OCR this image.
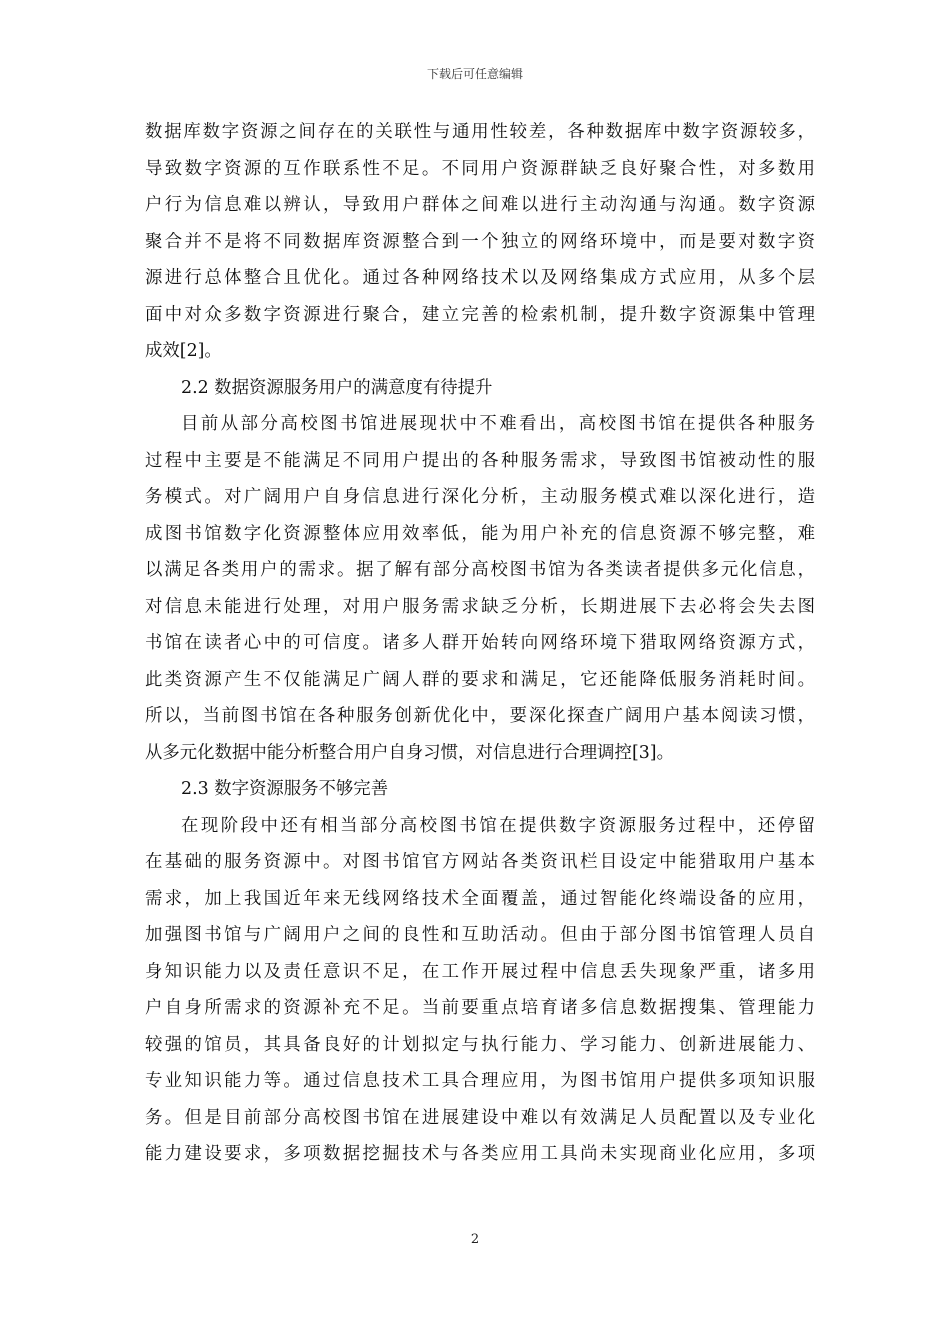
下载后可任意编辑
数据库数字资源之间存在的关联性与通用性较差，各种数据库中数字资源较多，
导致数字资源的互作联系性不足。不同用户资源群缺乏良好聚合性，对多数用
户行为信息难以辨认，导致用户群体之间难以进行主动沟通与沟通。数字资源
聚合并不是将不同数据库资源整合到一个独立的网络环境中，而是要对数字资
源进行总体整合且优化。通过各种网络技术以及网络集成方式应用，从多个层
面中对众多数字资源进行聚合，建立完善的检索机制，提升数字资源集中管理
成效[2]。
2.2 数据资源服务用户的满意度有待提升
目前从部分高校图书馆进展现状中不难看出，高校图书馆在提供各种服务
过程中主要是不能满足不同用户提出的各种服务需求，导致图书馆被动性的服
务模式。对广阔用户自身信息进行深化分析，主动服务模式难以深化进行，造
成图书馆数字化资源整体应用效率低，能为用户补充的信息资源不够完整，难
以满足各类用户的需求。据了解有部分高校图书馆为各类读者提供多元化信息，
对信息未能进行处理，对用户服务需求缺乏分析，长期进展下去必将会失去图
书馆在读者心中的可信度。诸多人群开始转向网络环境下猎取网络资源方式，
此类资源产生不仅能满足广阔人群的要求和满足，它还能降低服务消耗时间。
所以，当前图书馆在各种服务创新优化中，要深化探查广阔用户基本阅读习惯，
从多元化数据中能分析整合用户自身习惯，对信息进行合理调控[3]。
2.3 数字资源服务不够完善
在现阶段中还有相当部分高校图书馆在提供数字资源服务过程中，还停留
在基础的服务资源中。对图书馆官方网站各类资讯栏目设定中能猎取用户基本
需求，加上我国近年来无线网络技术全面覆盖，通过智能化终端设备的应用，
加强图书馆与广阔用户之间的良性和互助活动。但由于部分图书馆管理人员自
身知识能力以及责任意识不足，在工作开展过程中信息丢失现象严重，诸多用
户自身所需求的资源补充不足。当前要重点培育诸多信息数据搜集、管理能力
较强的馆员，其具备良好的计划拟定与执行能力、学习能力、创新进展能力、
专业知识能力等。通过信息技术工具合理应用，为图书馆用户提供多项知识服
务。但是目前部分高校图书馆在进展建设中难以有效满足人员配置以及专业化
能力建设要求，多项数据挖掘技术与各类应用工具尚未实现商业化应用，多项
2
